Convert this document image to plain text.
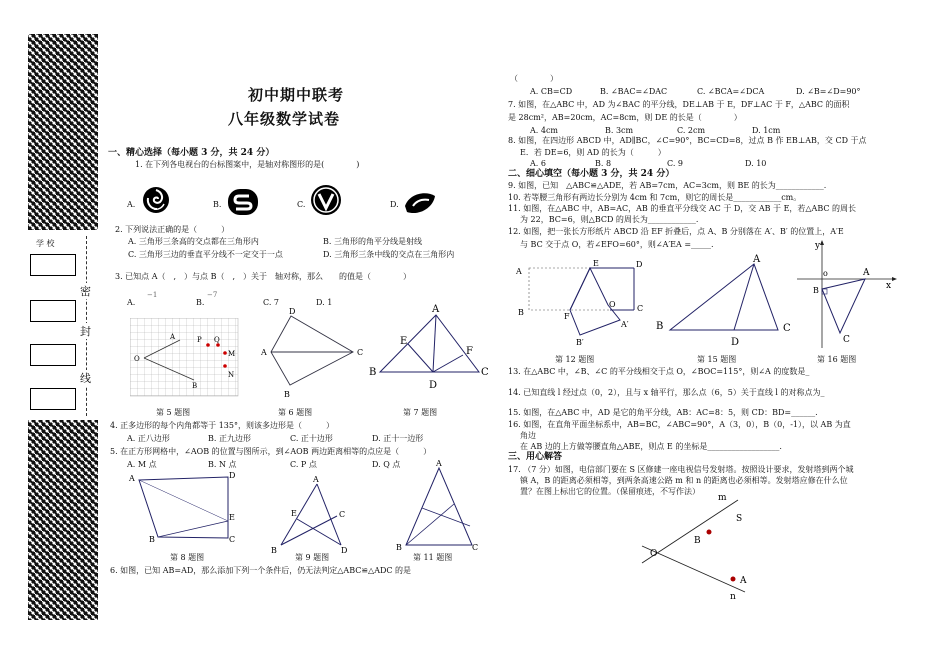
学 校
密
封
线
初中期中联考
八年级数学试卷
一、精心选择（每小题 3 分，共 24 分）
1. 在下列各电视台的台标图案中，是轴对称图形的是(　　　　)
A.	B.	C.	D.
2. 下列说法正确的是（　　　）
A. 三角形三条高的交点都在三角形内	B. 三角形的角平分线是射线
C. 三角形三边的垂直平分线不一定交于一点	D. 三角形三条中线的交点在三角形内
3. 已知点 A（　,　）与点 B（　,　）关于　轴对称，那么　　的值是（　　　　）
A.
−1
B.
−7
C. 7	D. 1
O
A
B
P Q
M
N
第 5 题图
D
A	C
B
第 6 题图
A
E
F
B
D
C
第 7 题图
4. 正多边形的每个内角都等于 135°，则该多边形是（　　　）
A. 正八边形	B. 正九边形	C. 正十边形	D. 正十一边形
5. 在正方形网格中，∠AOB 的位置与图所示，到∠AOB 两边距离相等的点应是（　　　）
A. M 点	B. N 点	C. P 点	D. Q 点
A	D
E
B	C
第 8 题图
A
E	C
B	D
第 9 题图
A
B	C
第 11 题图
6. 如图，已知 AB=AD，那么添加下列一个条件后，仍无法判定△ABC≌△ADC 的是
（　　　　）
A. CB=CD	B. ∠BAC=∠DAC	C. ∠BCA=∠DCA	D. ∠B=∠D=90°
7. 如图，在△ABC 中，AD 为∠BAC 的平分线，DE⊥AB 于 E，DF⊥AC 于 F，△ABC 的面积
是 28cm²，AB=20cm，AC=8cm，则 DE 的长是（　　　　）
A. 4cm	B. 3cm	C. 2cm	D. 1cm
8. 如图，在四边形 ABCD 中，AD∥BC，∠C=90°，BC=CD=8，过点 B 作 EB⊥AB，交 CD 于点
E．若 DE=6，则 AD 的长为（　　　）
A. 6	B. 8	C. 9	D. 10
二、细心填空（每小题 3 分，共 24 分）
9. 如图，已知　△ABC≌△ADE，若 AB=7cm，AC=3cm，则 BE 的长为____________.
10. 若等腰三角形有两边长分别为 4cm 和 7cm，则它的周长是____________cm。
11. 如图，在△ABC 中，AB=AC，AB 的垂直平分线交 AC 于 D，交 AB 于 E，若△ABC 的周长
为 22，BC=6，则△BCD 的周长为____________.
12. 如图，把一张长方形纸片 ABCD 沿 EF 折叠后，点 A、B 分别落在 A′、B′ 的位置上，A′E
与 BC 交于点 O，若∠EFO=60°，则∠A′EA =_____.
E	D
A
O	C
B	F
A′
B′
第 12 题图
A
B
D
C
第 15 题图
y
o	A
x
B
C
第 16 题图
13. 在△ABC 中，∠B、∠C 的平分线相交于点 O，∠BOC=115°，则∠A 的度数是_
14. 已知直线 l 经过点（0，2），且与 x 轴平行，那么点（6，5）关于直线 l 的对称点为_
15. 如图，在△ABC 中，AD 是它的角平分线，AB：AC=8：5，则 CD：BD=______.
16. 如图，在直角平面坐标系中，AB=BC，∠ABC=90°，A（3，0），B（0，-1），以 AB 为直
角边
在 AB 边的上方做等腰直角△ABE，则点 E 的坐标是__________________.
三、用心解答
17. （7 分）如图，电信部门要在 S 区修建一座电视信号发射塔。按照设计要求，发射塔到两个城
镇 A，B 的距离必须相等，到两条高速公路 m 和 n 的距离也必须相等。发射塔应修在什么位
置？在图上标出它的位置。（保留痕迹，不写作法）
m
S
B
O
A
n
